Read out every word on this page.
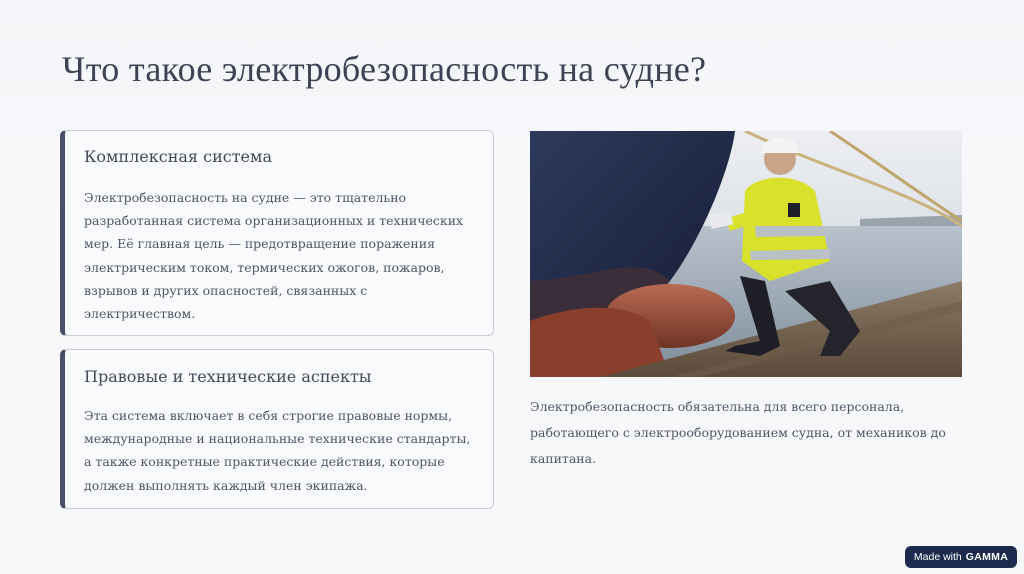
Что такое электробезопасность на судне?
Комплексная система
Электробезопасность на судне — это тщательно разработанная система организационных и технических мер. Её главная цель — предотвращение поражения электрическим током, термических ожогов, пожаров, взрывов и других опасностей, связанных с электричеством.
Правовые и технические аспекты
Эта система включает в себя строгие правовые нормы, международные и национальные технические стандарты, а также конкретные практические действия, которые должен выполнять каждый член экипажа.
Электробезопасность обязательна для всего персонала, работающего с электрооборудованием судна, от механиков до капитана.
Made with GAMMA
